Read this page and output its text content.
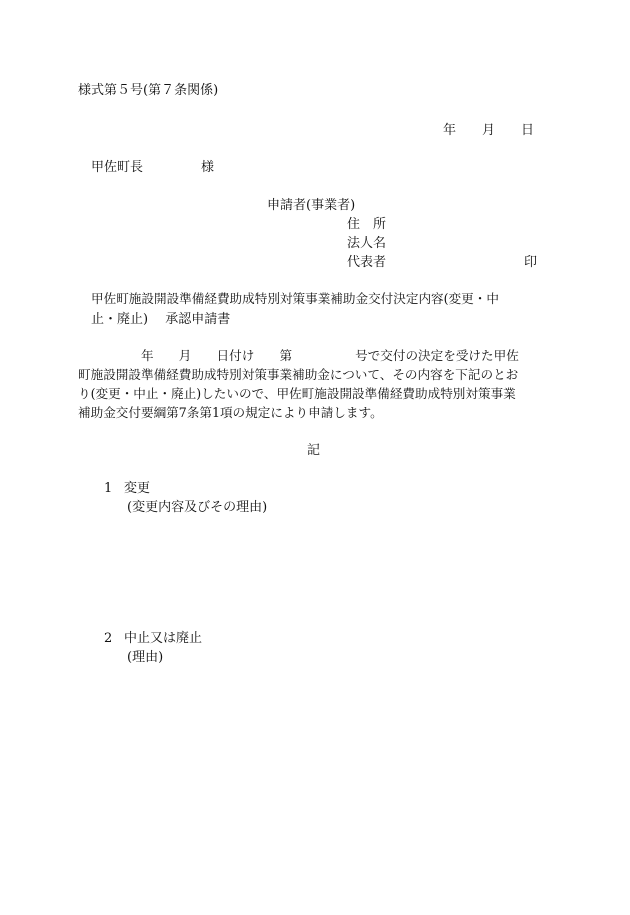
様式第５号(第７条関係)
年　　月　　日
甲佐町長	様
申請者(事業者)
住　所
法人名
代表者	印
甲佐町施設開設準備経費助成特別対策事業補助金交付決定内容(変更・中
止・廃止)　 承認申請書
　　　　　年　　月　　日付け　　第　　　　　号で交付の決定を受けた甲佐
町施設開設準備経費助成特別対策事業補助金について、その内容を下記のとお
り(変更・中止・廃止)したいので、甲佐町施設開設準備経費助成特別対策事業
補助金交付要綱第7条第1項の規定により申請します。
記
1 変更
(変更内容及びその理由)
2 中止又は廃止
(理由)
